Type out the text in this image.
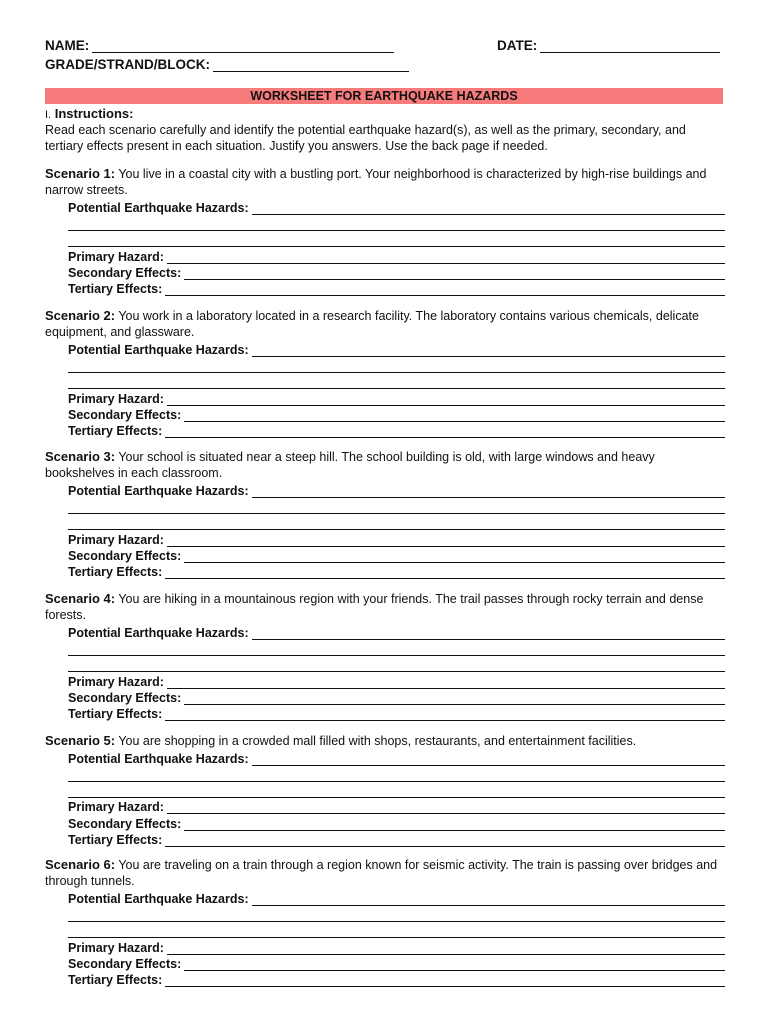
NAME:	DATE:
GRADE/STRAND/BLOCK:
WORKSHEET FOR EARTHQUAKE HAZARDS
I. Instructions:
Read each scenario carefully and identify the potential earthquake hazard(s), as well as the primary, secondary, and tertiary effects present in each situation. Justify you answers. Use the back page if needed.
Scenario 1: You live in a coastal city with a bustling port. Your neighborhood is characterized by high-rise buildings and narrow streets.
Potential Earthquake Hazards:
Primary Hazard:
Secondary Effects:
Tertiary Effects:
Scenario 2: You work in a laboratory located in a research facility. The laboratory contains various chemicals, delicate equipment, and glassware.
Potential Earthquake Hazards:
Primary Hazard:
Secondary Effects:
Tertiary Effects:
Scenario 3: Your school is situated near a steep hill. The school building is old, with large windows and heavy bookshelves in each classroom.
Potential Earthquake Hazards:
Primary Hazard:
Secondary Effects:
Tertiary Effects:
Scenario 4: You are hiking in a mountainous region with your friends. The trail passes through rocky terrain and dense forests.
Potential Earthquake Hazards:
Primary Hazard:
Secondary Effects:
Tertiary Effects:
Scenario 5: You are shopping in a crowded mall filled with shops, restaurants, and entertainment facilities.
Potential Earthquake Hazards:
Primary Hazard:
Secondary Effects:
Tertiary Effects:
Scenario 6: You are traveling on a train through a region known for seismic activity. The train is passing over bridges and through tunnels.
Potential Earthquake Hazards:
Primary Hazard:
Secondary Effects:
Tertiary Effects:
